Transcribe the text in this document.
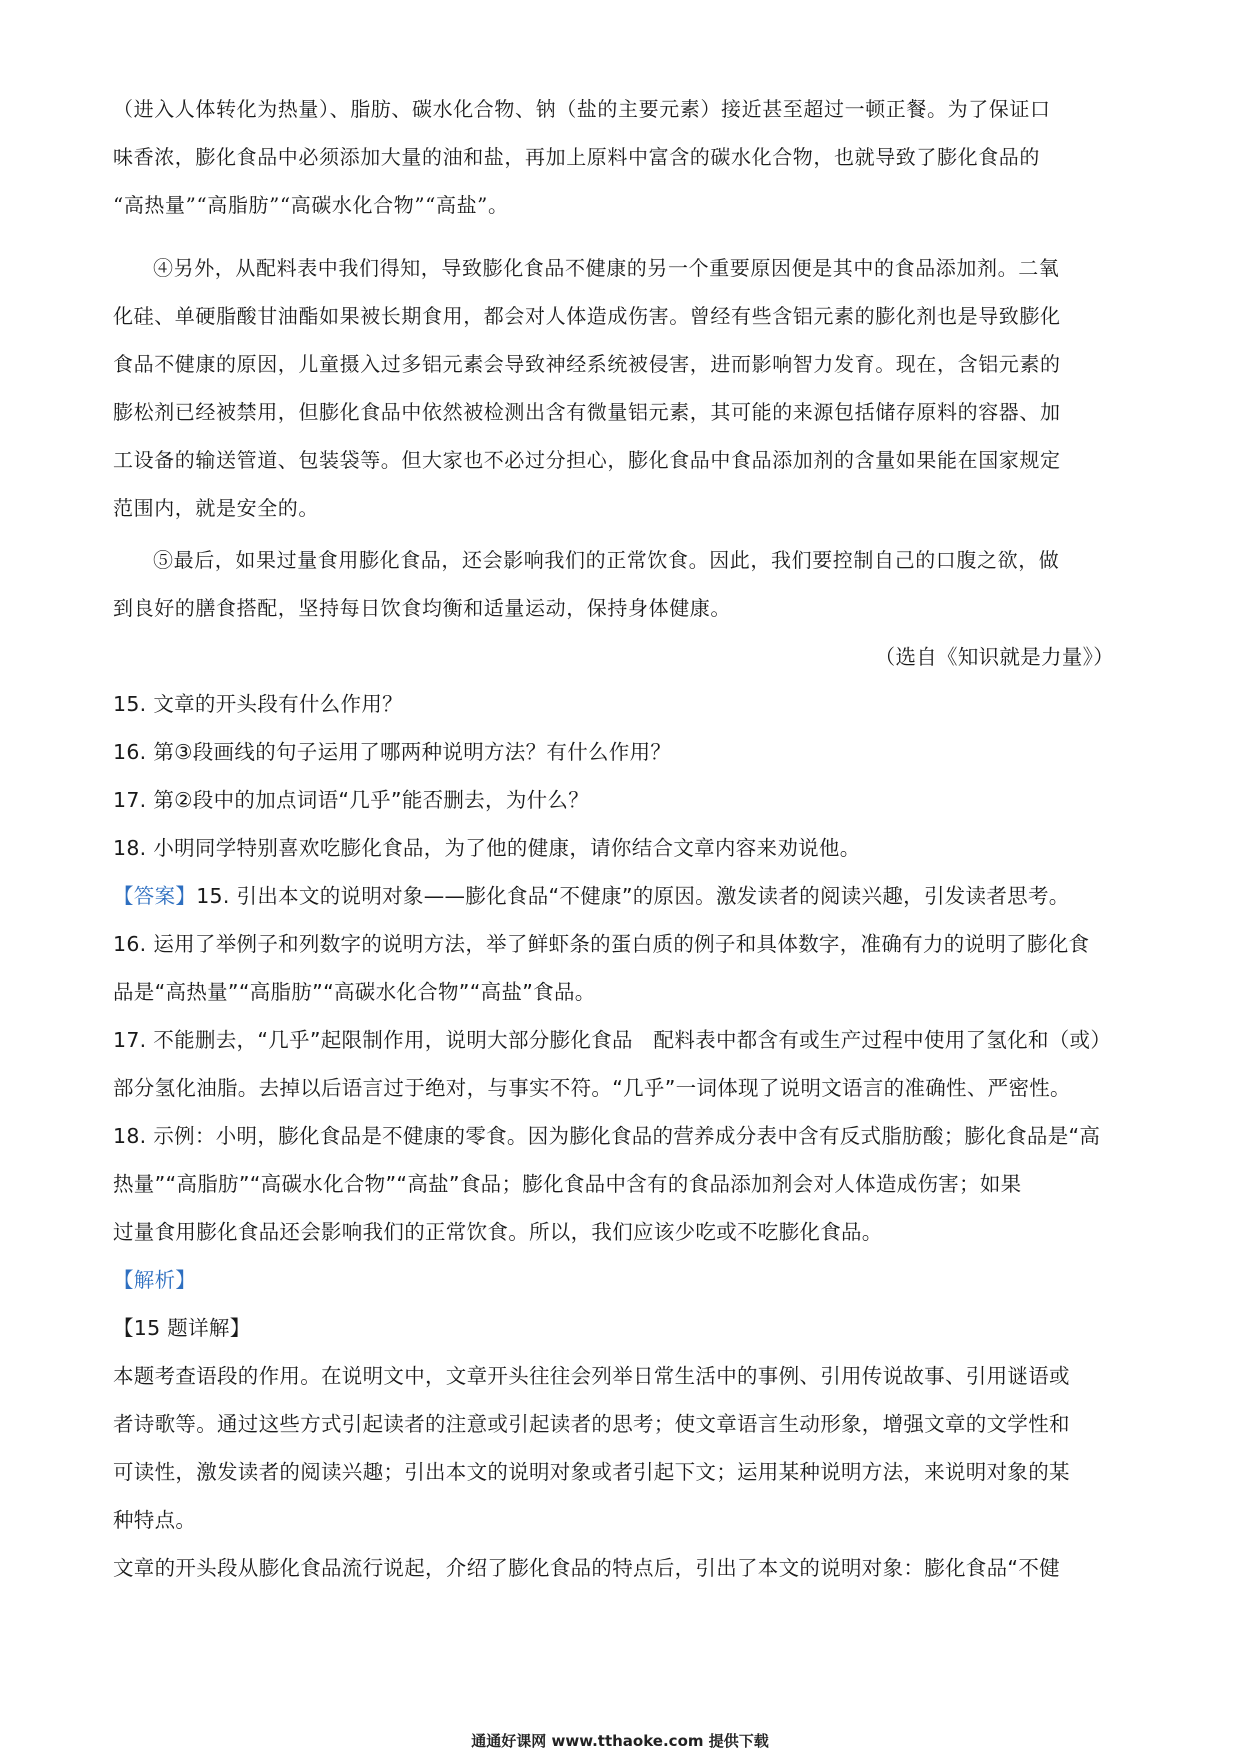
（进入人体转化为热量）、脂肪、碳水化合物、钠（盐的主要元素）接近甚至超过一顿正餐。为了保证口
味香浓，膨化食品中必须添加大量的油和盐，再加上原料中富含的碳水化合物，也就导致了膨化食品的
“高热量”“高脂肪”“高碳水化合物”“高盐”。
④另外，从配料表中我们得知，导致膨化食品不健康的另一个重要原因便是其中的食品添加剂。二氧
化硅、单硬脂酸甘油酯如果被长期食用，都会对人体造成伤害。曾经有些含铝元素的膨化剂也是导致膨化
食品不健康的原因，儿童摄入过多铝元素会导致神经系统被侵害，进而影响智力发育。现在，含铝元素的
膨松剂已经被禁用，但膨化食品中依然被检测出含有微量铝元素，其可能的来源包括储存原料的容器、加
工设备的输送管道、包装袋等。但大家也不必过分担心，膨化食品中食品添加剂的含量如果能在国家规定
范围内，就是安全的。
⑤最后，如果过量食用膨化食品，还会影响我们的正常饮食。因此，我们要控制自己的口腹之欲，做
到良好的膳食搭配，坚持每日饮食均衡和适量运动，保持身体健康。
（选自《知识就是力量》）
15. 文章的开头段有什么作用？
16. 第③段画线的句子运用了哪两种说明方法？有什么作用？
17. 第②段中的加点词语“几乎”能否删去，为什么？
18. 小明同学特别喜欢吃膨化食品，为了他的健康，请你结合文章内容来劝说他。
【答案】15. 引出本文的说明对象——膨化食品“不健康”的原因。激发读者的阅读兴趣，引发读者思考。
16. 运用了举例子和列数字的说明方法，举了鲜虾条的蛋白质的例子和具体数字，准确有力的说明了膨化食
品是“高热量”“高脂肪”“高碳水化合物”“高盐”食品。
17. 不能删去，“几乎”起限制作用，说明大部分膨化食品　配料表中都含有或生产过程中使用了氢化和（或）
部分氢化油脂。去掉以后语言过于绝对，与事实不符。“几乎”一词体现了说明文语言的准确性、严密性。
18. 示例：小明，膨化食品是不健康的零食。因为膨化食品的营养成分表中含有反式脂肪酸；膨化食品是“高
热量”“高脂肪”“高碳水化合物”“高盐”食品；膨化食品中含有的食品添加剂会对人体造成伤害；如果
过量食用膨化食品还会影响我们的正常饮食。所以，我们应该少吃或不吃膨化食品。
【解析】
【15 题详解】
本题考查语段的作用。在说明文中，文章开头往往会列举日常生活中的事例、引用传说故事、引用谜语或
者诗歌等。通过这些方式引起读者的注意或引起读者的思考；使文章语言生动形象，增强文章的文学性和
可读性，激发读者的阅读兴趣；引出本文的说明对象或者引起下文；运用某种说明方法，来说明对象的某
种特点。
文章的开头段从膨化食品流行说起，介绍了膨化食品的特点后，引出了本文的说明对象：膨化食品“不健
通通好课网 www.tthaoke.com 提供下载
